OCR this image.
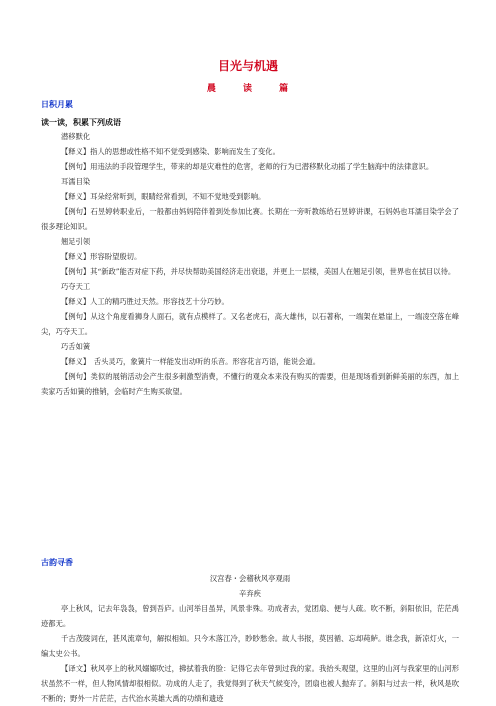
目光与机遇
晨	读	篇
日积月累
读一读，积累下列成语

潜移默化

【释义】指人的思想或性格不知不觉受到感染、影响而发生了变化。

【例句】用违法的手段管理学生，带来的却是灾难性的危害，老师的行为已潜移默化动摇了学生脑海中的法律意识。

耳濡目染

【释义】耳朵经常听到，眼睛经常看到，不知不觉地受到影响。

【例句】石昱婷转职业后，一般都由妈妈陪伴着到处参加比赛。长期在一旁听教练给石昱婷讲课，石妈妈也耳濡目染学会了很多理论知识。

翘足引领

【释义】形容盼望殷切。

【例句】其“新政”能否对症下药，并尽快帮助美国经济走出衰退，并更上一层楼，美国人在翘足引领，世界也在拭目以待。

巧夺天工

【释义】人工的精巧胜过天然。形容技艺十分巧妙。

【例句】从这个角度看狮身人面石，就有点模样了。又名老虎石，高大雄伟，以石著称，一端架在悬崖上，一端凌空落在峰尖，巧夺天工。

巧舌如簧

【释义】　舌头灵巧，象簧片一样能发出动听的乐音。形容花言巧语，能说会道。

【例句】类似的展销活动会产生很多刺激型消费，不懂行的观众本来没有购买的需要，但是现场看到新鲜美丽的东西，加上卖家巧舌如簧的推销，会临时产生购买欲望。

古韵寻香

汉宫春・会稽秋风亭观雨

辛弃疾

亭上秋风，记去年袅袅，曾到吾庐。山河举目虽异，风景非殊。功成者去，觉团扇、便与人疏。吹不断，斜阳依旧，茫茫禹迹都无。

千古茂陵词在，甚风流章句，解拟相如。只今木落江冷，眇眇愁余。故人书报，莫因循、忘却莼鲈。谁念我，新凉灯火，一编太史公书。

【译文】秋风亭上的秋风嫋嫋吹过，拂拭着我的脸：记得它去年曾到过我的家。我抬头观望，这里的山河与我家里的山河形状虽然不一样，但人物风情却很相似。功成的人走了，我觉得到了秋天气候变冷，团扇也被人抛弃了。斜阳与过去一样，秋风是吹不断的；野外一片茫茫，古代治水英雄大禹的功绩和遗迹
